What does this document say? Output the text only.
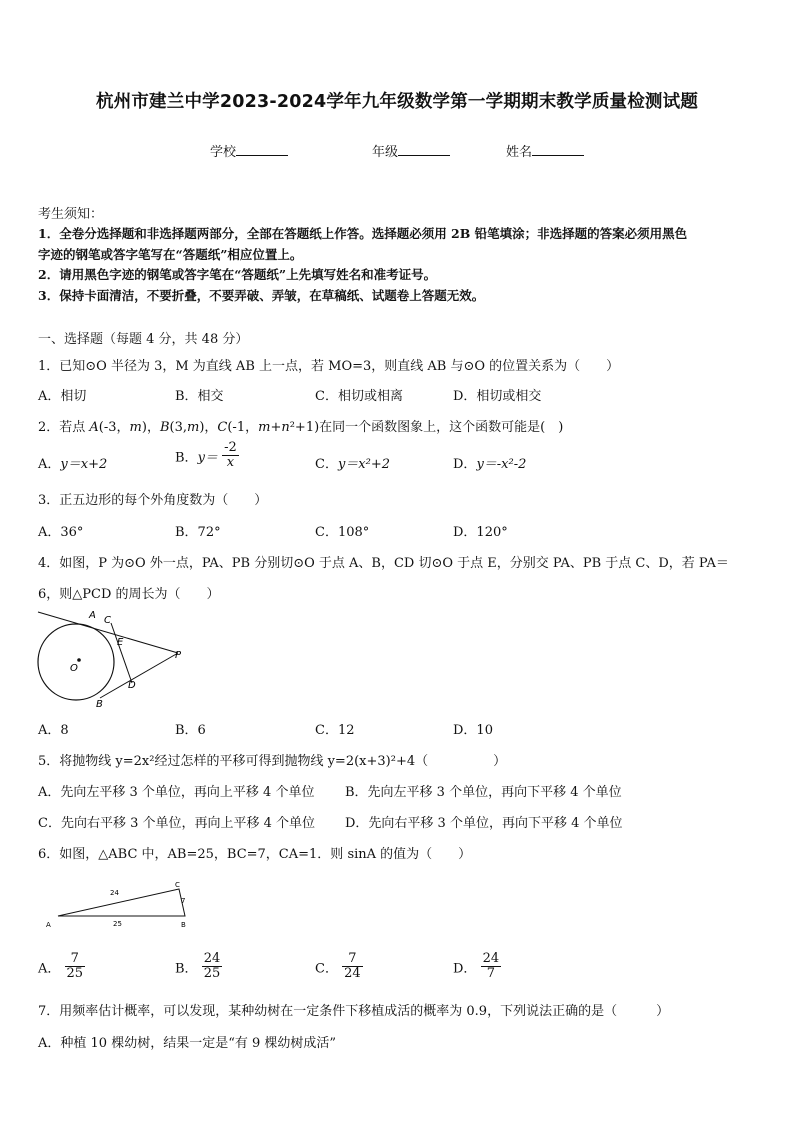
杭州市建兰中学2023-2024学年九年级数学第一学期期末教学质量检测试题
学校	年级	姓名
考生须知：
1．全卷分选择题和非选择题两部分，全部在答题纸上作答。选择题必须用 2B 铅笔填涂；非选择题的答案必须用黑色
字迹的钢笔或答字笔写在“答题纸”相应位置上。
2．请用黑色字迹的钢笔或答字笔在“答题纸”上先填写姓名和准考证号。
3．保持卡面清洁，不要折叠，不要弄破、弄皱，在草稿纸、试题卷上答题无效。
一、选择题（每题 4 分，共 48 分）
1．已知⊙O 半径为 3，M 为直线 AB 上一点，若 MO=3，则直线 AB 与⊙O 的位置关系为（　　）
A．相切	B．相交	C．相切或相离	D．相切或相交
2．若点 A(-3，m)，B(3,m)，C(-1，m+n²+1)在同一个函数图象上，这个函数可能是(　)
A．y＝x+2	B．$y= \frac{-2}{x}$	C．y＝x²+2	D．y＝-x²-2
3．正五边形的每个外角度数为（　　）
A．36°	B．72°	C．108°	D．120°
4．如图，P 为⊙O 外一点，PA、PB 分别切⊙O 于点 A、B，CD 切⊙O 于点 E，分别交 PA、PB 于点 C、D，若 PA＝
6，则△PCD 的周长为（　　）
A C
E
O
P
D
B
A．8	B．6	C．12	D．10
5．将抛物线 y=2x²经过怎样的平移可得到抛物线 y=2(x+3)²+4（　　　　　）
A．先向左平移 3 个单位，再向上平移 4 个单位 B．先向左平移 3 个单位，再向下平移 4 个单位
C．先向右平移 3 个单位，再向上平移 4 个单位 D．先向右平移 3 个单位，再向下平移 4 个单位
6．如图，△ABC 中，AB=25，BC=7，CA=1．则 sinA 的值为（　　）
A	B
C
25
24
7
A． $\frac{7}{25}$	B． $\frac{24}{25}$	C． $\frac{7}{24}$	D． $\frac{24}{7}$
7．用频率估计概率，可以发现，某种幼树在一定条件下移植成活的概率为 0.9，下列说法正确的是（　　　）
A．种植 10 棵幼树，结果一定是“有 9 棵幼树成活”
